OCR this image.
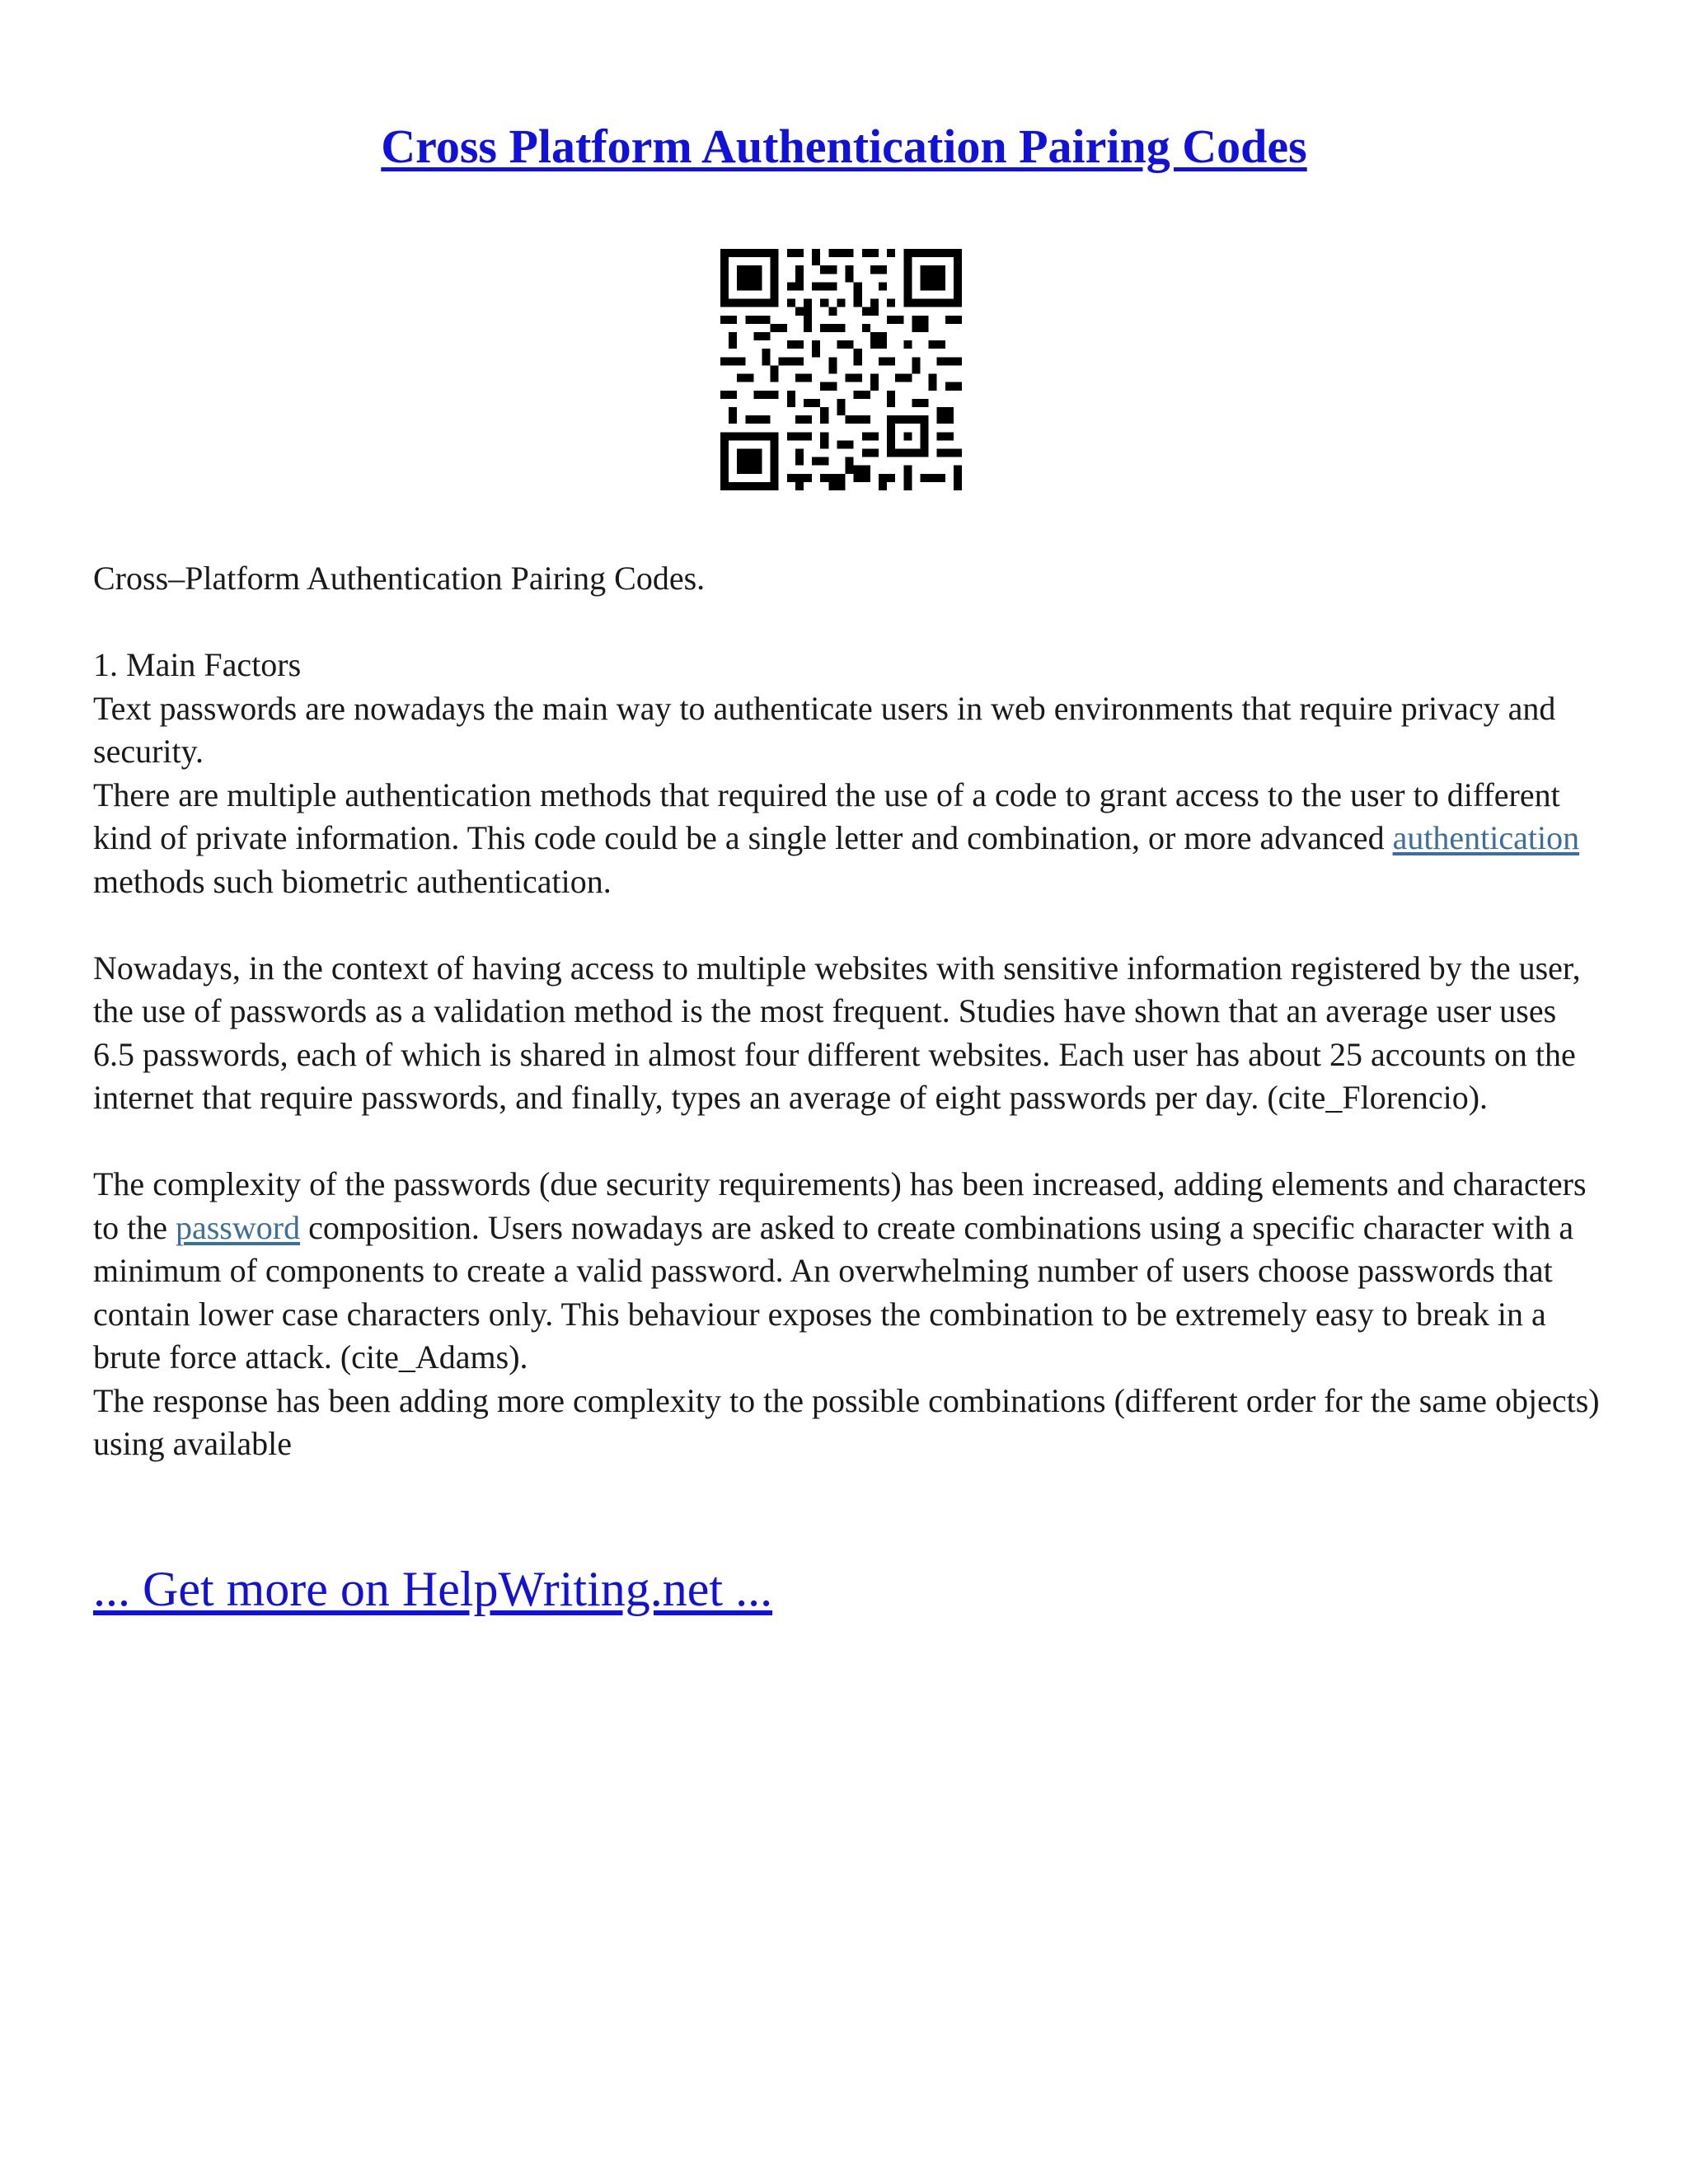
Cross Platform Authentication Pairing Codes

Cross–Platform Authentication Pairing Codes.

1. Main Factors

Text passwords are nowadays the main way to authenticate users in web environments that require privacy and security.

There are multiple authentication methods that required the use of a code to grant access to the user to different kind of private information. This code could be a single letter and combination, or more advanced authentication methods such biometric authentication.

Nowadays, in the context of having access to multiple websites with sensitive information registered by the user, the use of passwords as a validation method is the most frequent. Studies have shown that an average user uses 6.5 passwords, each of which is shared in almost four different websites. Each user has about 25 accounts on the internet that require passwords, and finally, types an average of eight passwords per day. (cite_Florencio).

The complexity of the passwords (due security requirements) has been increased, adding elements and characters to the password composition. Users nowadays are asked to create combinations using a specific character with a minimum of components to create a valid password. An overwhelming number of users choose passwords that contain lower case characters only. This behaviour exposes the combination to be extremely easy to break in a brute force attack. (cite_Adams).

The response has been adding more complexity to the possible combinations (different order for the same objects) using available

... Get more on HelpWriting.net ...
